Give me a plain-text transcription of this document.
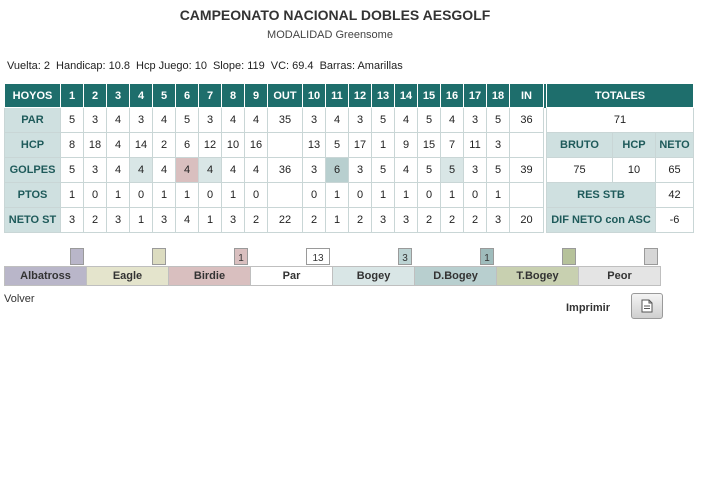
CAMPEONATO NACIONAL DOBLES AESGOLF
MODALIDAD Greensome
Vuelta: 2 Handicap: 10.8 Hcp Juego: 10 Slope: 119 VC: 69.4 Barras: Amarillas
HOYOS	1	2	3	4	5	6	7	8	9	OUT	10	11	12	13	14	15	16	17	18	IN		TOTALES		
PAR	5	3	4	3	4	5	3	4	4	35	3	4	3	5	4	5	4	3	5	36		71		
HCP	8	18	4	14	2	6	12	10	16		13	5	17	1	9	15	7	11	3			BRUTO	HCP	NETO
GOLPES	5	3	4	4	4	4	4	4	4	36	3	6	3	5	4	5	5	3	5	39		75	10	65
PTOS	1	0	1	0	1	1	0	1	0		0	1	0	1	1	0	1	0	1			RES STB		42
NETO ST	3	2	3	1	3	4	1	3	2	22	2	1	2	3	3	2	2	2	3	20		DIF NETO con ASC		-6
Albatross	Eagle	Birdie
1
Par
13
Bogey
3
D.Bogey
1
T.Bogey	Peor
Volver
Imprimir
